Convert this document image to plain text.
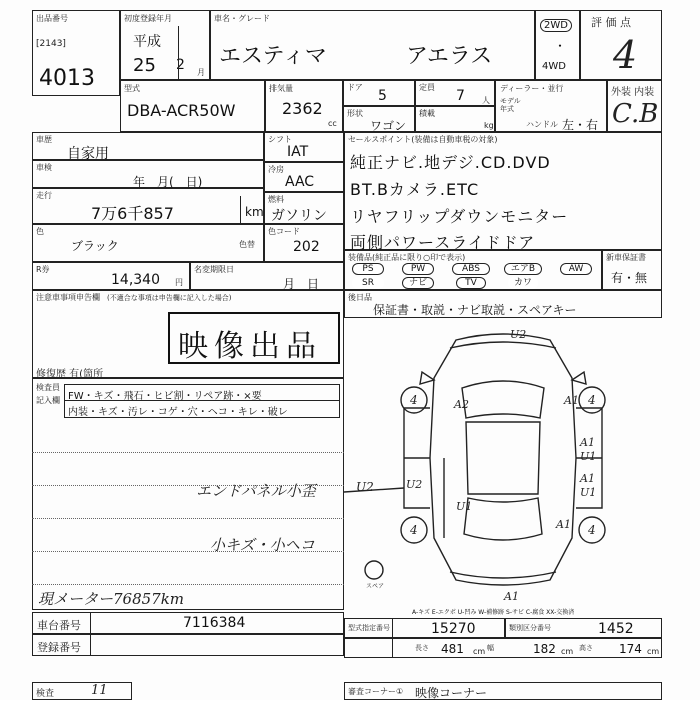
出品番号
[2143]
4013
初度登録年月
平成
25 2 月
車名・グレード
エスティマ	アエラス
2WD
・
4WD
評 価 点
4
型式
DBA-ACR50W
排気量
2362
cc
ドア
5
定員
7 人
形状
ワゴン
積載
kg
ディーラー・並行
モデル年式
ハンドル 左・右
外装 内装
C.B
車歴
自家用
車検
年　月(　日)
走行
7万6千857	km
色
ブラック	色替
シフト
IAT
冷房
AAC
燃料
ガソリン
色コード
202
セールスポイント(装備は自動車税の対象)
純正ナビ.地デジ.CD.DVD
BT.Bカメラ.ETC
リヤフリップダウンモニター
両側パワースライドドア
R券
14,340 円
名変期限日
月　日
装備品(純正品に限り○印で表示)
PS	PW	ABS	エアB	AW
SR	ナビ	TV	カワ
新車保証書
有・無
後日品
保証書・取説・ナビ取説・スペアキー
注意車事項申告欄 (不適合な事項は申告欄に記入した場合)
修復歴 有(箇所
映像出品
検査員
記入欄 FW・キズ・飛石・ヒビ割・リペア跡・×要
内装・キズ・汚レ・コゲ・穴・ヘコ・キレ・破レ
エンドパネル小歪	U2
小キズ・小ヘコ
現メーター76857km
U2
A2	A1
A1
U1
A1
U1
U2
U1
A1
A1
4	4
4	4
スペア
A-キズ E-エクボ U-凹み W-補修跡 S-サビ C-腐食 XX-交換済
車台番号	7116384
登録番号
型式指定番号	15270	類別区分番号	1452
長さ 481 cm 幅	182 cm 高さ 174 cm
検査	11	審査コーナー① 映像コーナー
